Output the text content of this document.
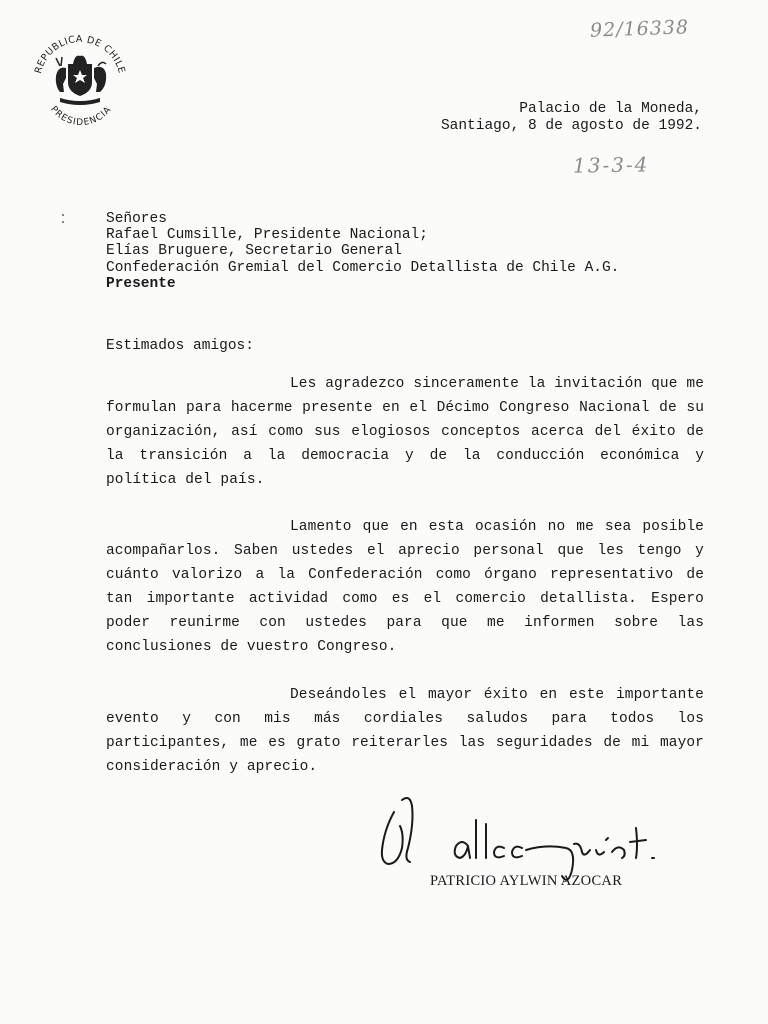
REPUBLICA DE CHILE
PRESIDENCIA
92/16338
Palacio de la Moneda,
Santiago, 8 de agosto de 1992.
13-3-4
Señores
Rafael Cumsille, Presidente Nacional;
Elías Bruguere, Secretario General
Confederación Gremial del Comercio Detallista de Chile A.G.
Presente
Estimados amigos:
Les agradezco sinceramente la invitación que me formulan para hacerme presente en el Décimo Congreso Nacional de su organización, así como sus elogiosos conceptos acerca del éxito de la transición a la democracia y de la conducción económica y política del país.
Lamento que en esta ocasión no me sea posible acompañarlos. Saben ustedes el aprecio personal que les tengo y cuánto valorizo a la Confederación como órgano representativo de tan importante actividad como es el comercio detallista. Espero poder reunirme con ustedes para que me informen sobre las conclusiones de vuestro Congreso.
Deseándoles el mayor éxito en este importante evento y con mis más cordiales saludos para todos los participantes, me es grato reiterarles las seguridades de mi mayor consideración y aprecio.
PATRICIO AYLWIN AZOCAR
